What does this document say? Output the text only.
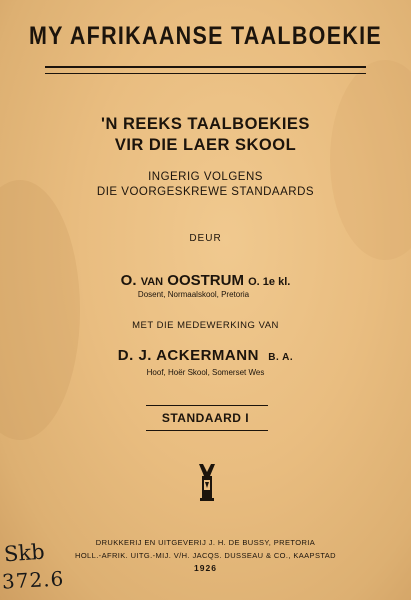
MY AFRIKAANSE TAALBOEKIE
'N REEKS TAALBOEKIES
VIR DIE LAER SKOOL
INGERIG VOLGENS
DIE VOORGESKREWE STANDAARDS
DEUR
O. VAN OOSTRUM O. 1e kl.
Dosent, Normaalskool, Pretoria
MET DIE MEDEWERKING VAN
D. J. ACKERMANN B. A.
Hoof, Hoër Skool, Somerset Wes
STANDAARD I
DRUKKERIJ EN UITGEVERIJ J. H. DE BUSSY, PRETORIA
HOLL.-AFRIK. UITG.-MIJ. V/H. JACQS. DUSSEAU & CO., KAAPSTAD
1926
Skb
372.6
